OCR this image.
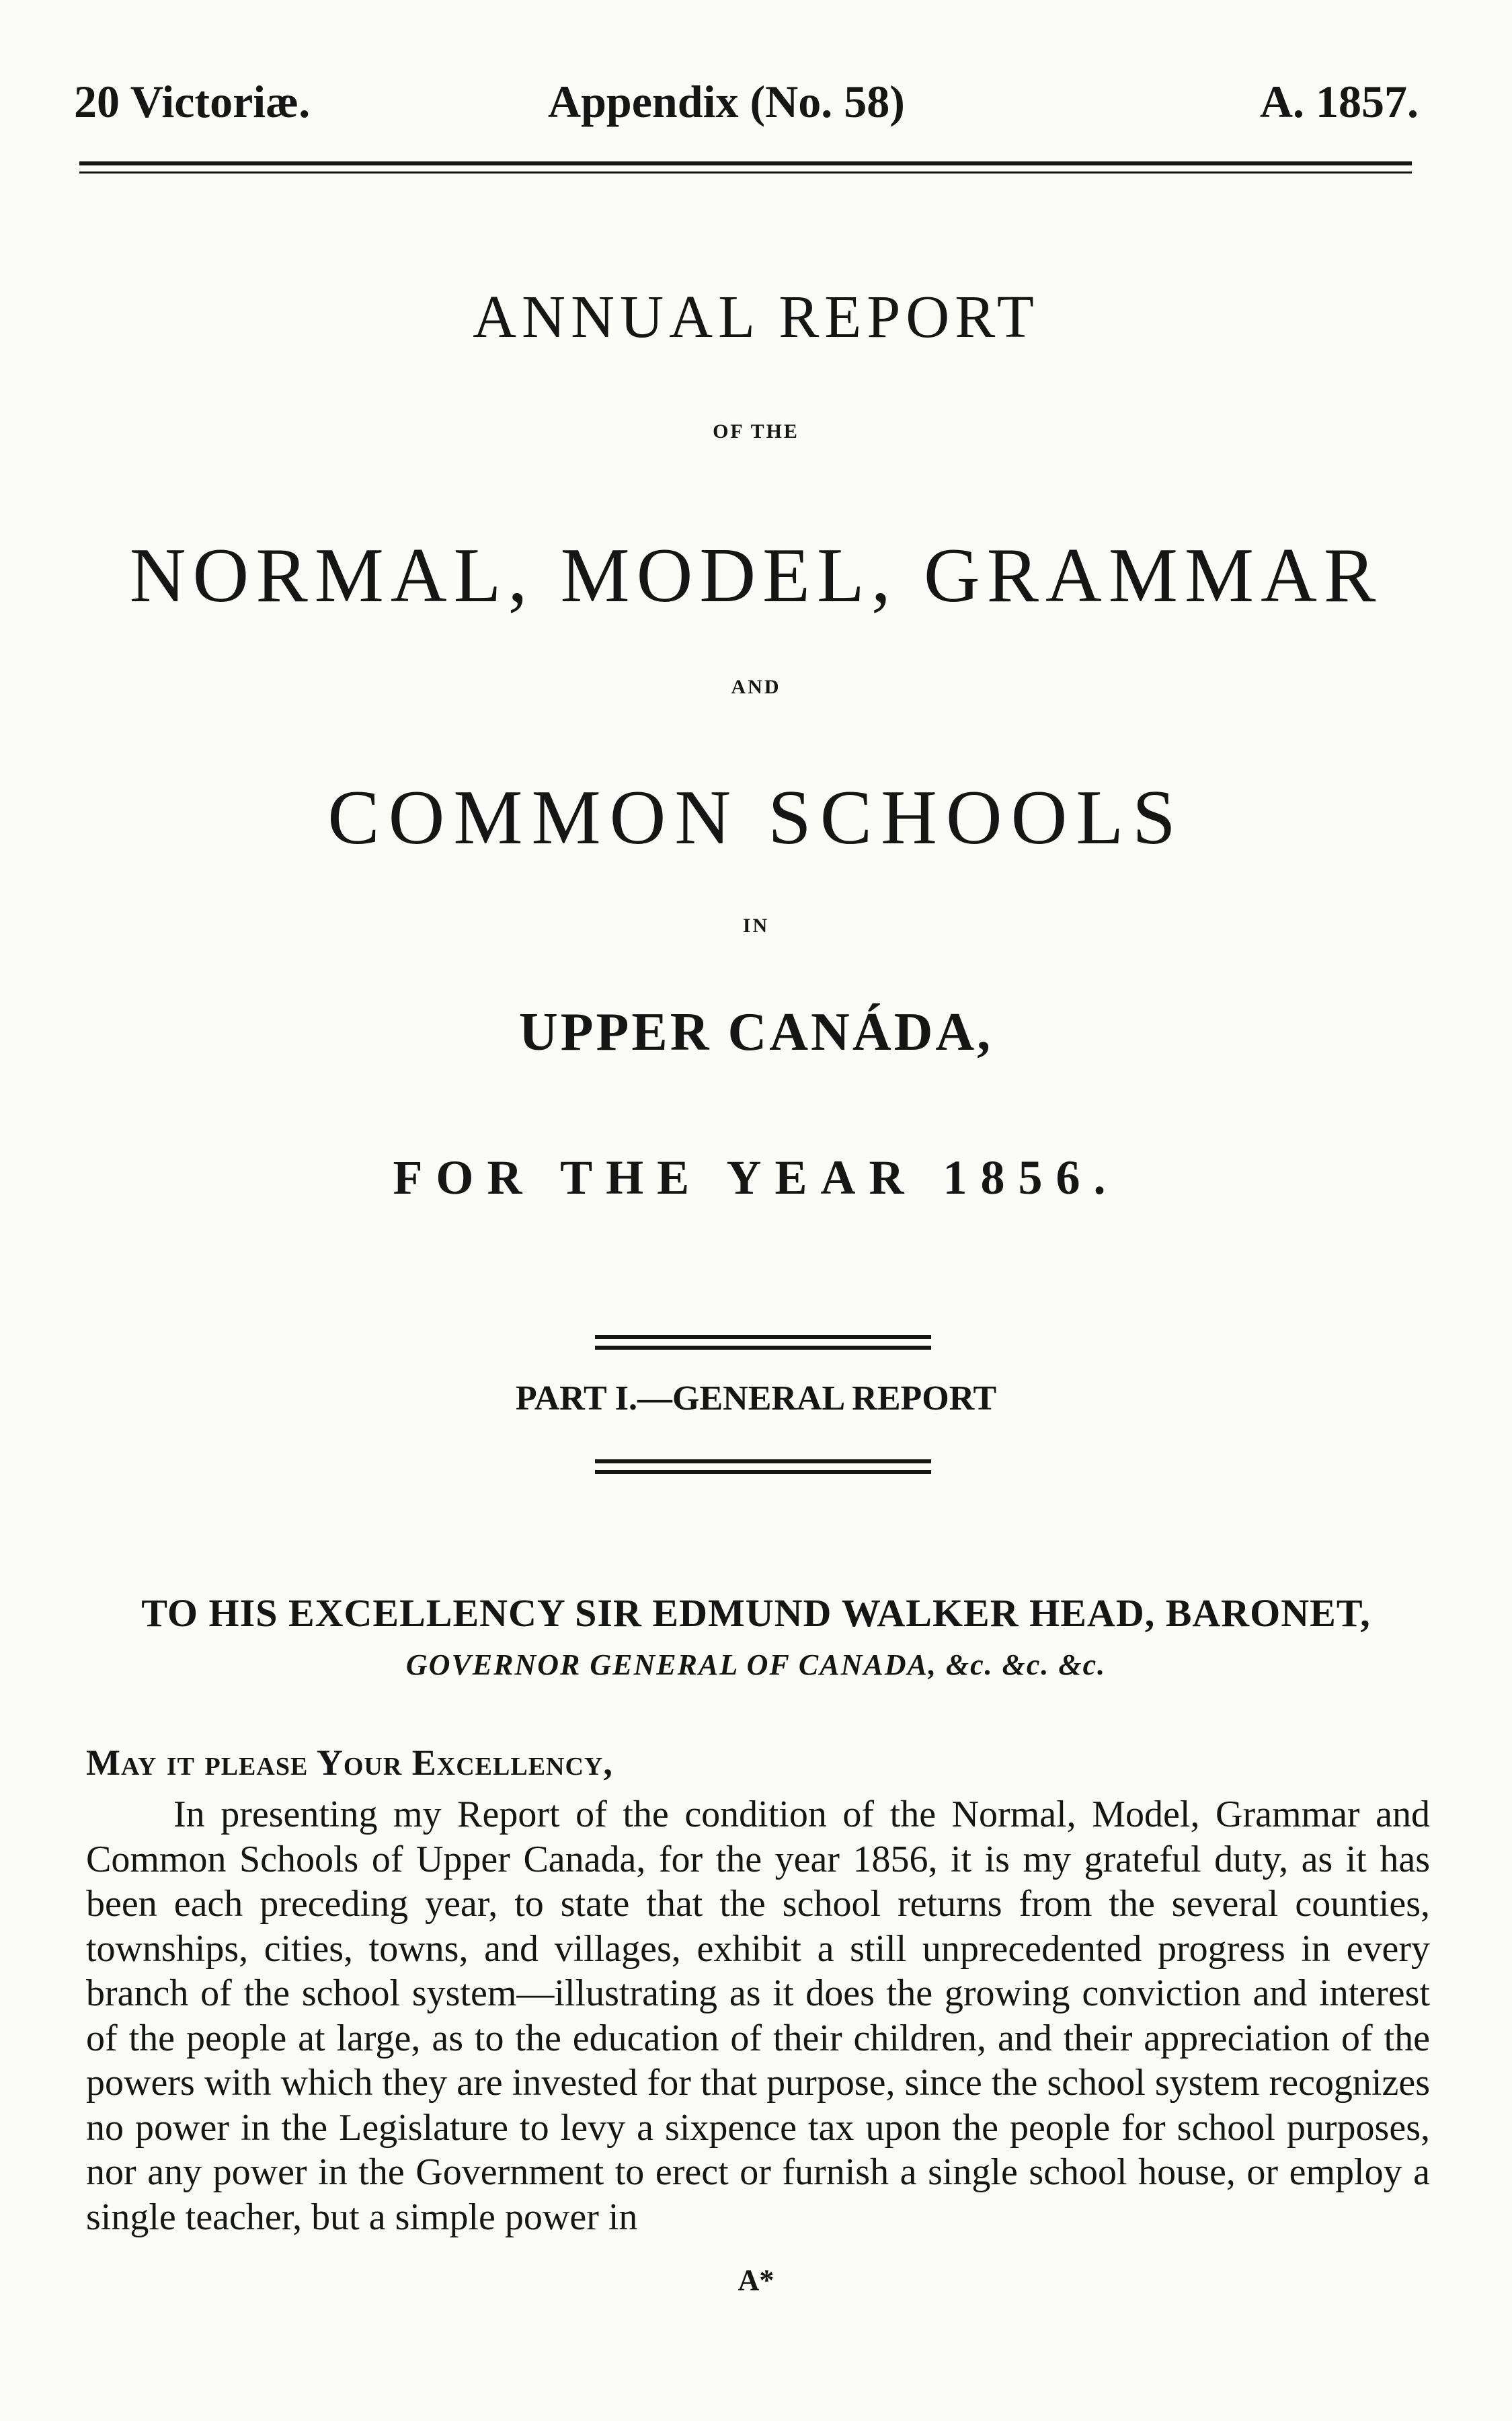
20 Victoriæ.	Appendix (No. 58)	A. 1857.
ANNUAL REPORT
OF THE
NORMAL, MODEL, GRAMMAR
AND
COMMON SCHOOLS
IN
UPPER CANÁDA,
FOR THE YEAR 1856.
PART I.—GENERAL REPORT
TO HIS EXCELLENCY SIR EDMUND WALKER HEAD, BARONET,
GOVERNOR GENERAL OF CANADA, &c. &c. &c.
May it please Your Excellency,

In presenting my Report of the condition of the Normal, Model, Grammar and Common Schools of Upper Canada, for the year 1856, it is my grateful duty, as it has been each preceding year, to state that the school returns from the several counties, townships, cities, towns, and villages, exhibit a still unprecedented progress in every branch of the school system—illustrating as it does the growing conviction and interest of the people at large, as to the education of their children, and their appreciation of the powers with which they are invested for that purpose, since the school system recognizes no power in the Legislature to levy a sixpence tax upon the people for school purposes, nor any power in the Government to erect or furnish a single school house, or employ a single teacher, but a simple power in

A*
